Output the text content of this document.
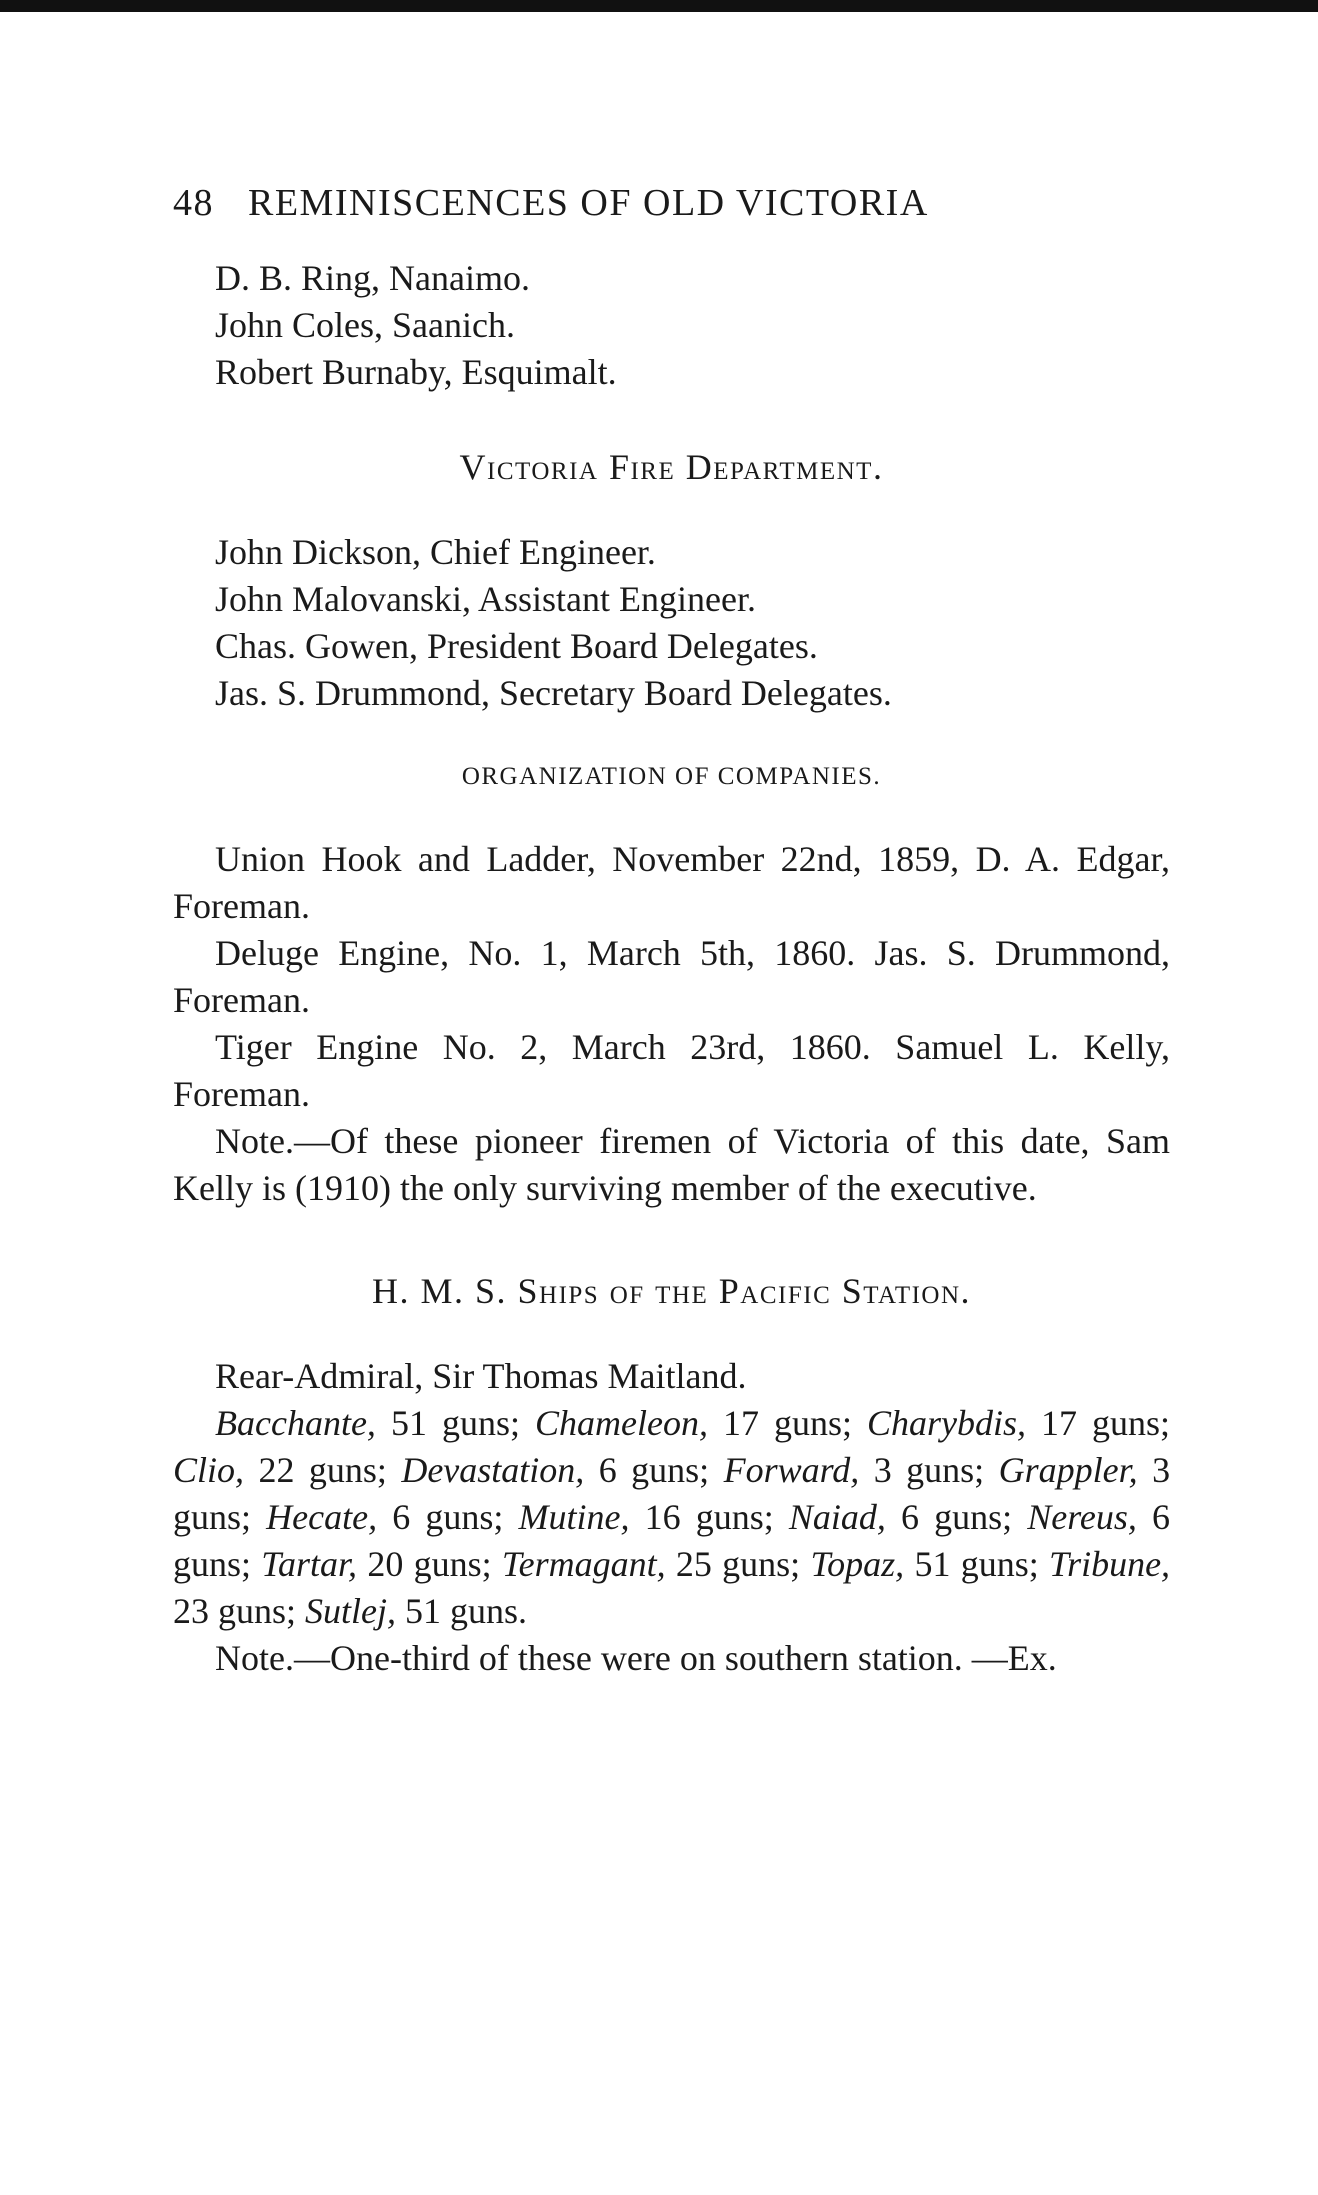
48 REMINISCENCES OF OLD VICTORIA

D. B. Ring, Nanaimo.

John Coles, Saanich.

Robert Burnaby, Esquimalt.

Victoria Fire Department.

John Dickson, Chief Engineer.

John Malovanski, Assistant Engineer.

Chas. Gowen, President Board Delegates.

Jas. S. Drummond, Secretary Board Delegates.

ORGANIZATION OF COMPANIES.

Union Hook and Ladder, November 22nd, 1859, D. A. Edgar, Foreman.

Deluge Engine, No. 1, March 5th, 1860. Jas. S. Drummond, Foreman.

Tiger Engine No. 2, March 23rd, 1860. Samuel L. Kelly, Foreman.

Note.—Of these pioneer firemen of Victoria of this date, Sam Kelly is (1910) the only surviving member of the executive.

H. M. S. Ships of the Pacific Station.

Rear-Admiral, Sir Thomas Maitland.

Bacchante, 51 guns; Chameleon, 17 guns; Charybdis, 17 guns; Clio, 22 guns; Devastation, 6 guns; Forward, 3 guns; Grappler, 3 guns; Hecate, 6 guns; Mutine, 16 guns; Naiad, 6 guns; Nereus, 6 guns; Tartar, 20 guns; Termagant, 25 guns; Topaz, 51 guns; Tribune, 23 guns; Sutlej, 51 guns.

Note.—One-third of these were on southern station. —Ex.
